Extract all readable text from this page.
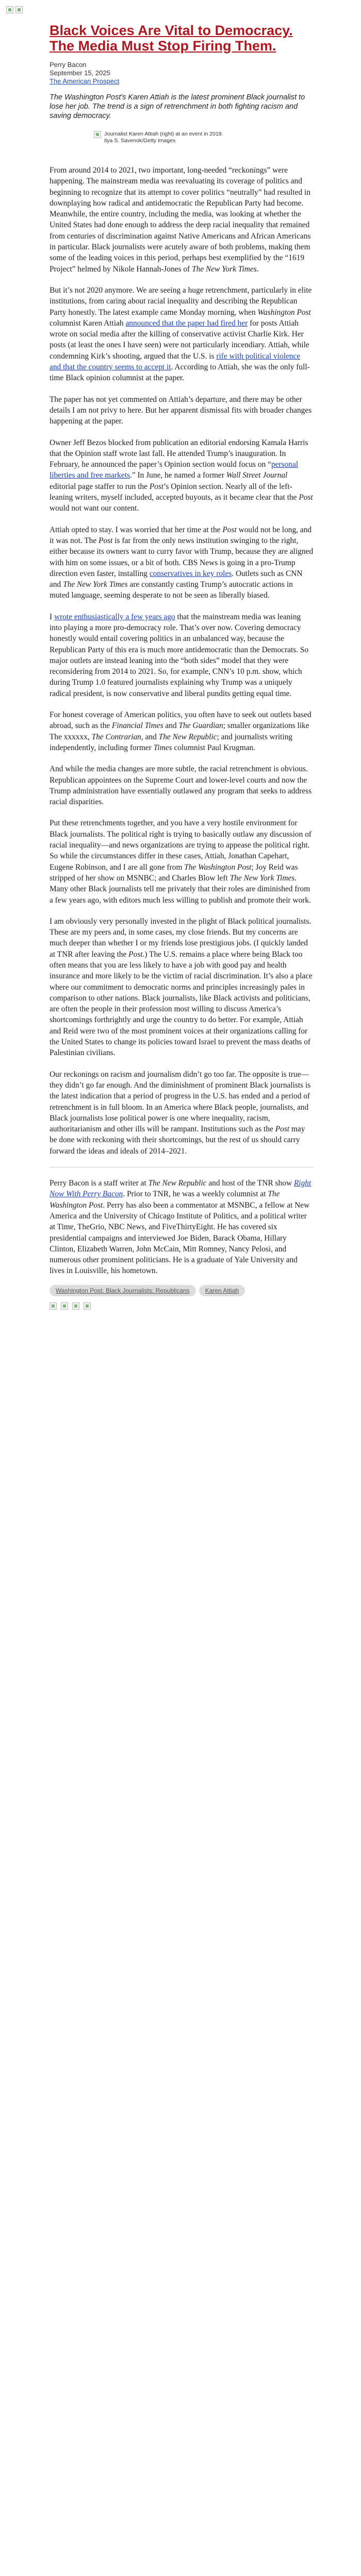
Black Voices Are Vital to Democracy. The Media Must Stop Firing Them.
Perry Bacon
September 15, 2025
The American Prospect

The Washington Post's Karen Attiah is the latest prominent Black journalist to lose her job. The trend is a sign of retrenchment in both fighting racism and saving democracy.

Journalist Karen Attiah (right) at an event in 2019.
Ilya S. Savenok/Getty Images

From around 2014 to 2021, two important, long-needed “reckonings” were happening. The mainstream media was reevaluating its coverage of politics and beginning to recognize that its attempt to cover politics “neutrally” had resulted in downplaying how radical and antidemocratic the Republican Party had become. Meanwhile, the entire country, including the media, was looking at whether the United States had done enough to address the deep racial inequality that remained from centuries of discrimination against Native Americans and African Americans in particular. Black journalists were acutely aware of both problems, making them some of the leading voices in this period, perhaps best exemplified by the “1619 Project” helmed by Nikole Hannah-Jones of The New York Times.

But it’s not 2020 anymore. We are seeing a huge retrenchment, particularly in elite institutions, from caring about racial inequality and describing the Republican Party honestly. The latest example came Monday morning, when Washington Post columnist Karen Attiah announced that the paper had fired her for posts Attiah wrote on social media after the killing of conservative activist Charlie Kirk. Her posts (at least the ones I have seen) were not particularly incendiary. Attiah, while condemning Kirk’s shooting, argued that the U.S. is rife with political violence and that the country seems to accept it. According to Attiah, she was the only full-time Black opinion columnist at the paper.

The paper has not yet commented on Attiah’s departure, and there may be other details I am not privy to here. But her apparent dismissal fits with broader changes happening at the paper.

Owner Jeff Bezos blocked from publication an editorial endorsing Kamala Harris that the Opinion staff wrote last fall. He attended Trump’s inauguration. In February, he announced the paper’s Opinion section would focus on “personal liberties and free markets.” In June, he named a former Wall Street Journal editorial page staffer to run the Post’s Opinion section. Nearly all of the left-leaning writers, myself included, accepted buyouts, as it became clear that the Post would not want our content.

Attiah opted to stay. I was worried that her time at the Post would not be long, and it was not. The Post is far from the only news institution swinging to the right, either because its owners want to curry favor with Trump, because they are aligned with him on some issues, or a bit of both. CBS News is going in a pro-Trump direction even faster, installing conservatives in key roles. Outlets such as CNN and The New York Times are constantly casting Trump’s autocratic actions in muted language, seeming desperate to not be seen as liberally biased.

I wrote enthusiastically a few years ago that the mainstream media was leaning into playing a more pro-democracy role. That’s over now. Covering democracy honestly would entail covering politics in an unbalanced way, because the Republican Party of this era is much more antidemocratic than the Democrats. So major outlets are instead leaning into the “both sides” model that they were reconsidering from 2014 to 2021. So, for example, CNN’s 10 p.m. show, which during Trump 1.0 featured journalists explaining why Trump was a uniquely radical president, is now conservative and liberal pundits getting equal time.

For honest coverage of American politics, you often have to seek out outlets based abroad, such as the Financial Times and The Guardian; smaller organizations like The xxxxxx, The Contrarian, and The New Republic; and journalists writing independently, including former Times columnist Paul Krugman.

And while the media changes are more subtle, the racial retrenchment is obvious. Republican appointees on the Supreme Court and lower-level courts and now the Trump administration have essentially outlawed any program that seeks to address racial disparities.

Put these retrenchments together, and you have a very hostile environment for Black journalists. The political right is trying to basically outlaw any discussion of racial inequality—and news organizations are trying to appease the political right. So while the circumstances differ in these cases, Attiah, Jonathan Capehart, Eugene Robinson, and I are all gone from The Washington Post; Joy Reid was stripped of her show on MSNBC; and Charles Blow left The New York Times. Many other Black journalists tell me privately that their roles are diminished from a few years ago, with editors much less willing to publish and promote their work.

I am obviously very personally invested in the plight of Black political journalists. These are my peers and, in some cases, my close friends. But my concerns are much deeper than whether I or my friends lose prestigious jobs. (I quickly landed at TNR after leaving the Post.) The U.S. remains a place where being Black too often means that you are less likely to have a job with good pay and health insurance and more likely to be the victim of racial discrimination. It’s also a place where our commitment to democratic norms and principles increasingly pales in comparison to other nations. Black journalists, like Black activists and politicians, are often the people in their profession most willing to discuss America’s shortcomings forthrightly and urge the country to do better. For example, Attiah and Reid were two of the most prominent voices at their organizations calling for the United States to change its policies toward Israel to prevent the mass deaths of Palestinian civilians.

Our reckonings on racism and journalism didn’t go too far. The opposite is true—they didn’t go far enough. And the diminishment of prominent Black journalists is the latest indication that a period of progress in the U.S. has ended and a period of retrenchment is in full bloom. In an America where Black people, journalists, and Black journalists lose political power is one where inequality, racism, authoritarianism and other ills will be rampant. Institutions such as the Post may be done with reckoning with their shortcomings, but the rest of us should carry forward the ideas and ideals of 2014–2021.

Perry Bacon is a staff writer at The New Republic and host of the TNR show Right Now With Perry Bacon. Prior to TNR, he was a weekly columnist at The Washington Post. Perry has also been a commentator at MSNBC, a fellow at New America and the University of Chicago Institute of Politics, and a political writer at Time, TheGrio, NBC News, and FiveThirtyEight. He has covered six presidential campaigns and interviewed Joe Biden, Barack Obama, Hillary Clinton, Elizabeth Warren, John McCain, Mitt Romney, Nancy Pelosi, and numerous other prominent politicians. He is a graduate of Yale University and lives in Louisville, his hometown.

Washington Post: Black Journalists: Republicans	Karen Attiah
